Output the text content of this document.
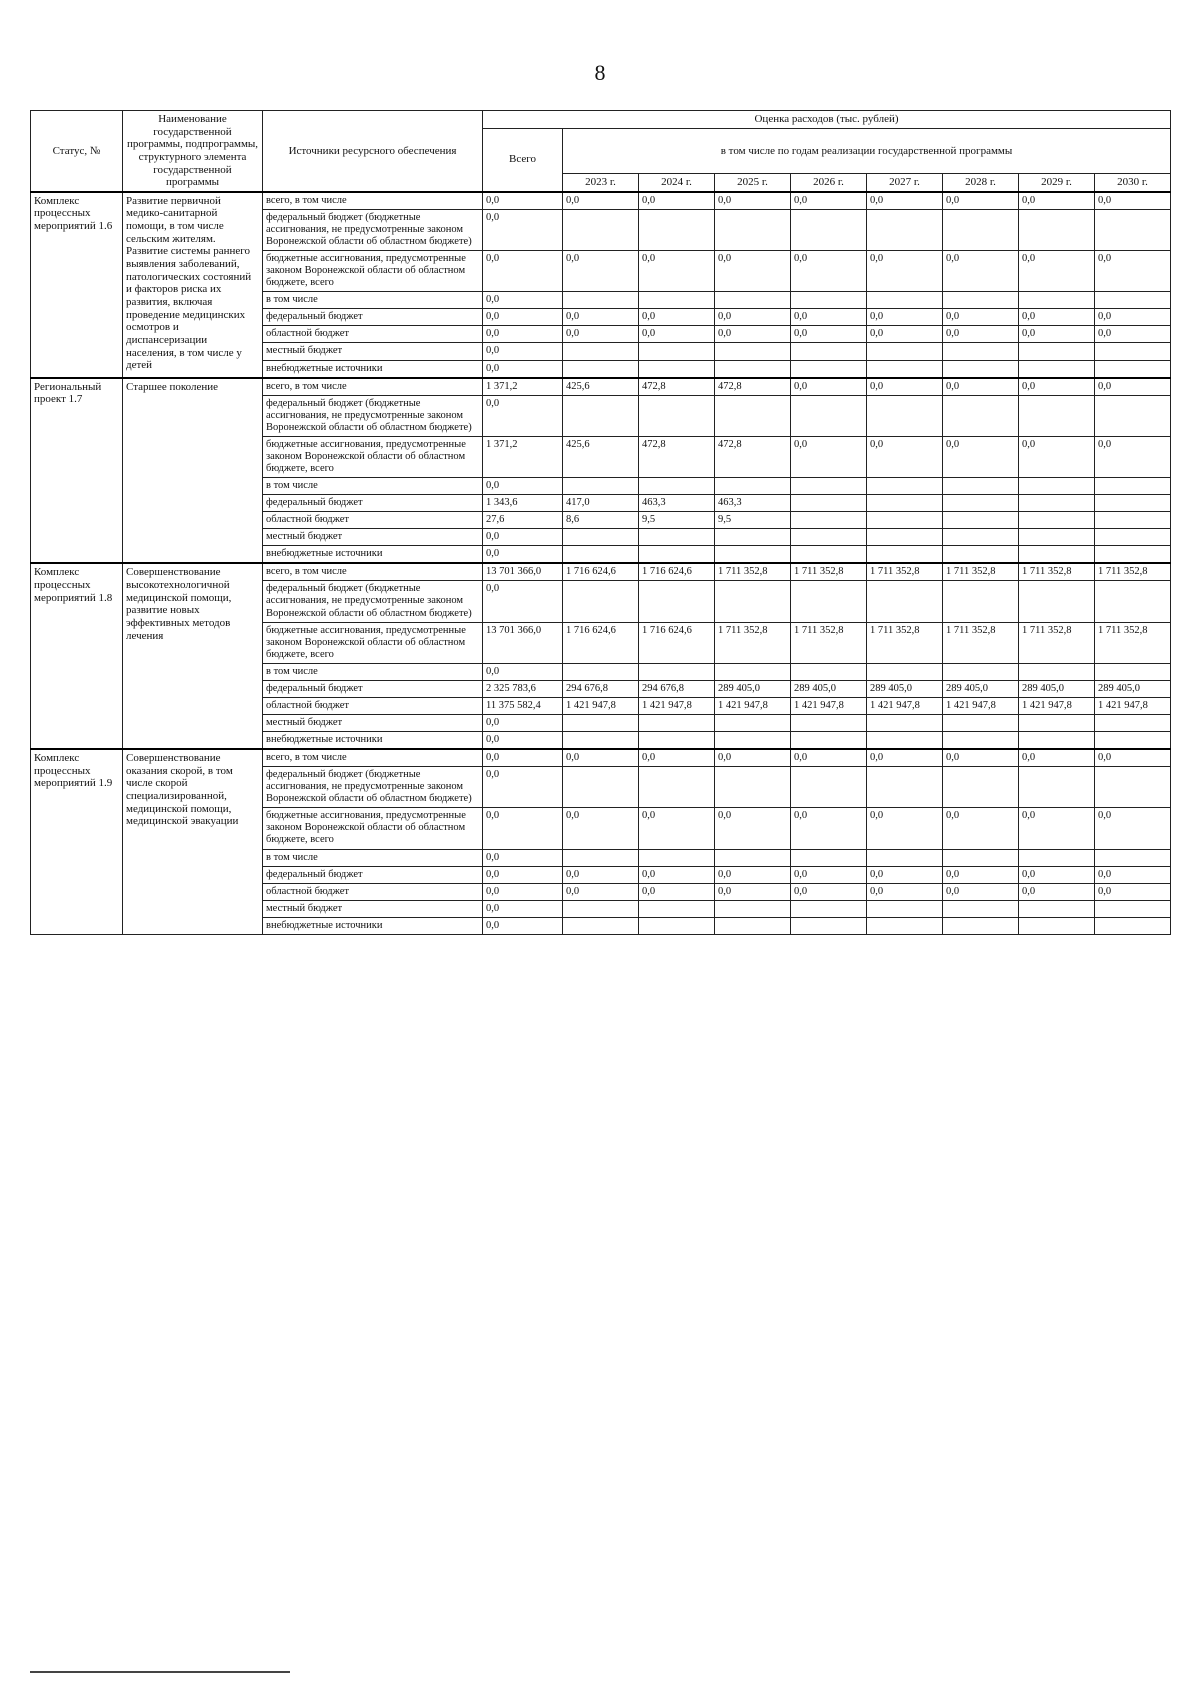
8
Статус, №	Наименование государственной программы, подпрограммы, структурного элемента государственной программы	Источники ресурсного обеспечения	Оценка расходов (тыс. рублей)								
			Всего	в том числе по годам реализации государственной программы							
				2023 г.	2024 г.	2025 г.	2026 г.	2027 г.	2028 г.	2029 г.	2030 г.
Комплекс процессных мероприятий 1.6	Развитие первичной медико-санитарной помощи, в том числе сельским жителям. Развитие системы раннего выявления заболеваний, патологических состояний и факторов риска их развития, включая проведение медицинских осмотров и диспансеризации населения, в том числе у детей	всего, в том числе	0,0	0,0	0,0	0,0	0,0	0,0	0,0	0,0	0,0
		федеральный бюджет (бюджетные ассигнования, не предусмотренные законом Воронежской области об областном бюджете)	0,0								
		бюджетные ассигнования, предусмотренные законом Воронежской области об областном бюджете, всего	0,0	0,0	0,0	0,0	0,0	0,0	0,0	0,0	0,0
		в том числе	0,0								
		федеральный бюджет	0,0	0,0	0,0	0,0	0,0	0,0	0,0	0,0	0,0
		областной бюджет	0,0	0,0	0,0	0,0	0,0	0,0	0,0	0,0	0,0
		местный бюджет	0,0								
		внебюджетные источники	0,0								
Региональный проект 1.7	Старшее поколение	всего, в том числе	1 371,2	425,6	472,8	472,8	0,0	0,0	0,0	0,0	0,0
		федеральный бюджет (бюджетные ассигнования, не предусмотренные законом Воронежской области об областном бюджете)	0,0								
		бюджетные ассигнования, предусмотренные законом Воронежской области об областном бюджете, всего	1 371,2	425,6	472,8	472,8	0,0	0,0	0,0	0,0	0,0
		в том числе	0,0								
		федеральный бюджет	1 343,6	417,0	463,3	463,3					
		областной бюджет	27,6	8,6	9,5	9,5					
		местный бюджет	0,0								
		внебюджетные источники	0,0								
Комплекс процессных мероприятий 1.8	Совершенствование высокотехнологичной медицинской помощи, развитие новых эффективных методов лечения	всего, в том числе	13 701 366,0	1 716 624,6	1 716 624,6	1 711 352,8	1 711 352,8	1 711 352,8	1 711 352,8	1 711 352,8	1 711 352,8
		федеральный бюджет (бюджетные ассигнования, не предусмотренные законом Воронежской области об областном бюджете)	0,0								
		бюджетные ассигнования, предусмотренные законом Воронежской области об областном бюджете, всего	13 701 366,0	1 716 624,6	1 716 624,6	1 711 352,8	1 711 352,8	1 711 352,8	1 711 352,8	1 711 352,8	1 711 352,8
		в том числе	0,0								
		федеральный бюджет	2 325 783,6	294 676,8	294 676,8	289 405,0	289 405,0	289 405,0	289 405,0	289 405,0	289 405,0
		областной бюджет	11 375 582,4	1 421 947,8	1 421 947,8	1 421 947,8	1 421 947,8	1 421 947,8	1 421 947,8	1 421 947,8	1 421 947,8
		местный бюджет	0,0								
		внебюджетные источники	0,0								
Комплекс процессных мероприятий 1.9	Совершенствование оказания скорой, в том числе скорой специализированной, медицинской помощи, медицинской эвакуации	всего, в том числе	0,0	0,0	0,0	0,0	0,0	0,0	0,0	0,0	0,0
		федеральный бюджет (бюджетные ассигнования, не предусмотренные законом Воронежской области об областном бюджете)	0,0								
		бюджетные ассигнования, предусмотренные законом Воронежской области об областном бюджете, всего	0,0	0,0	0,0	0,0	0,0	0,0	0,0	0,0	0,0
		в том числе	0,0								
		федеральный бюджет	0,0	0,0	0,0	0,0	0,0	0,0	0,0	0,0	0,0
		областной бюджет	0,0	0,0	0,0	0,0	0,0	0,0	0,0	0,0	0,0
		местный бюджет	0,0								
		внебюджетные источники	0,0								
